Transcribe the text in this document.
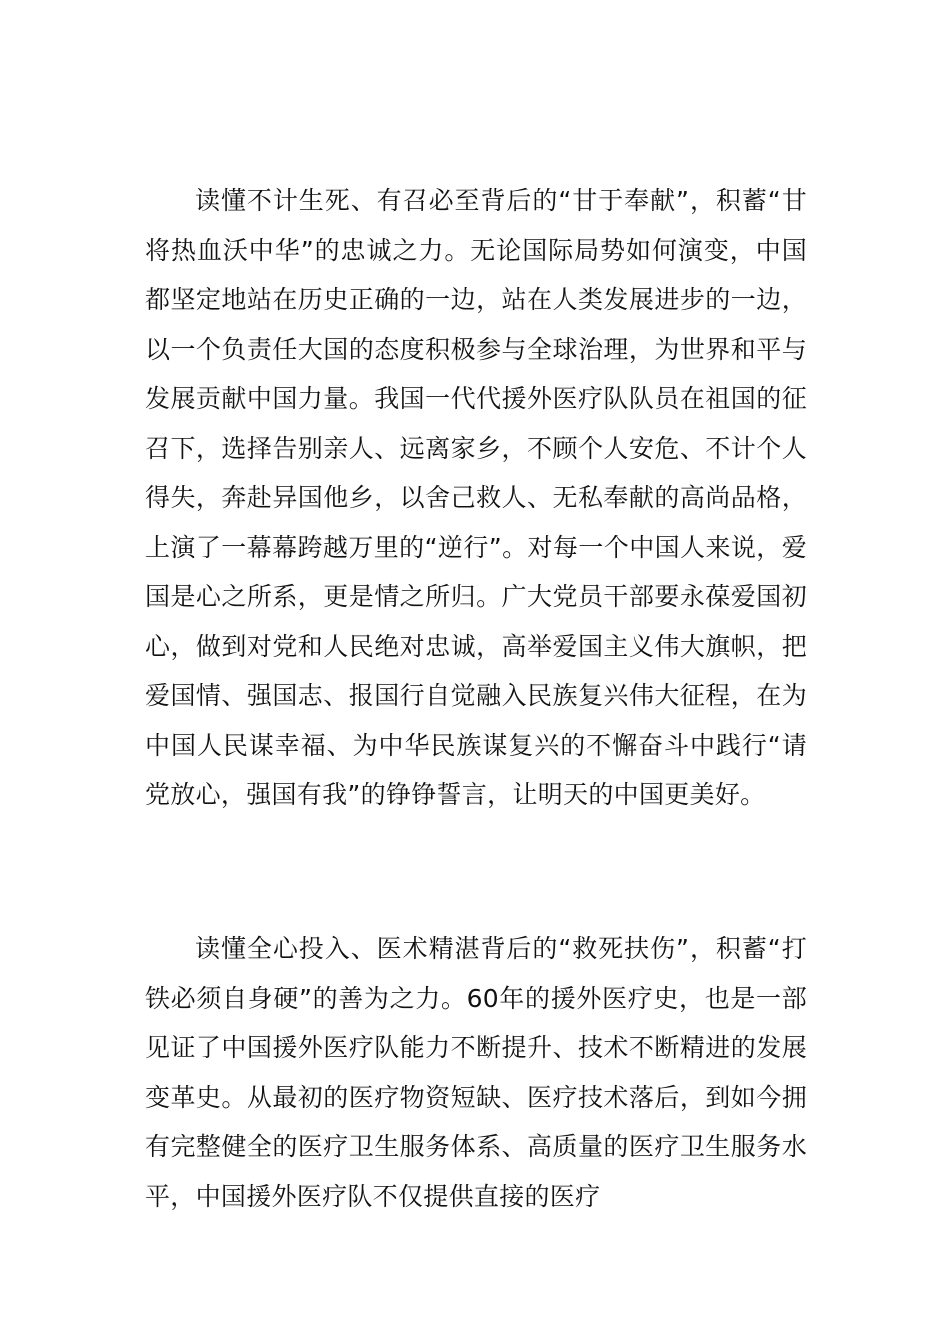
读懂不计生死、有召必至背后的“甘于奉献”，积蓄“甘将热血沃中华”的忠诚之力。无论国际局势如何演变，中国都坚定地站在历史正确的一边，站在人类发展进步的一边，以一个负责任大国的态度积极参与全球治理，为世界和平与发展贡献中国力量。我国一代代援外医疗队队员在祖国的征召下，选择告别亲人、远离家乡，不顾个人安危、不计个人得失，奔赴异国他乡，以舍己救人、无私奉献的高尚品格，上演了一幕幕跨越万里的“逆行”。对每一个中国人来说，爱国是心之所系，更是情之所归。广大党员干部要永葆爱国初心，做到对党和人民绝对忠诚，高举爱国主义伟大旗帜，把爱国情、强国志、报国行自觉融入民族复兴伟大征程，在为中国人民谋幸福、为中华民族谋复兴的不懈奋斗中践行“请党放心，强国有我”的铮铮誓言，让明天的中国更美好。

读懂全心投入、医术精湛背后的“救死扶伤”，积蓄“打铁必须自身硬”的善为之力。60年的援外医疗史，也是一部见证了中国援外医疗队能力不断提升、技术不断精进的发展变革史。从最初的医疗物资短缺、医疗技术落后，到如今拥有完整健全的医疗卫生服务体系、高质量的医疗卫生服务水平，中国援外医疗队不仅提供直接的医疗
